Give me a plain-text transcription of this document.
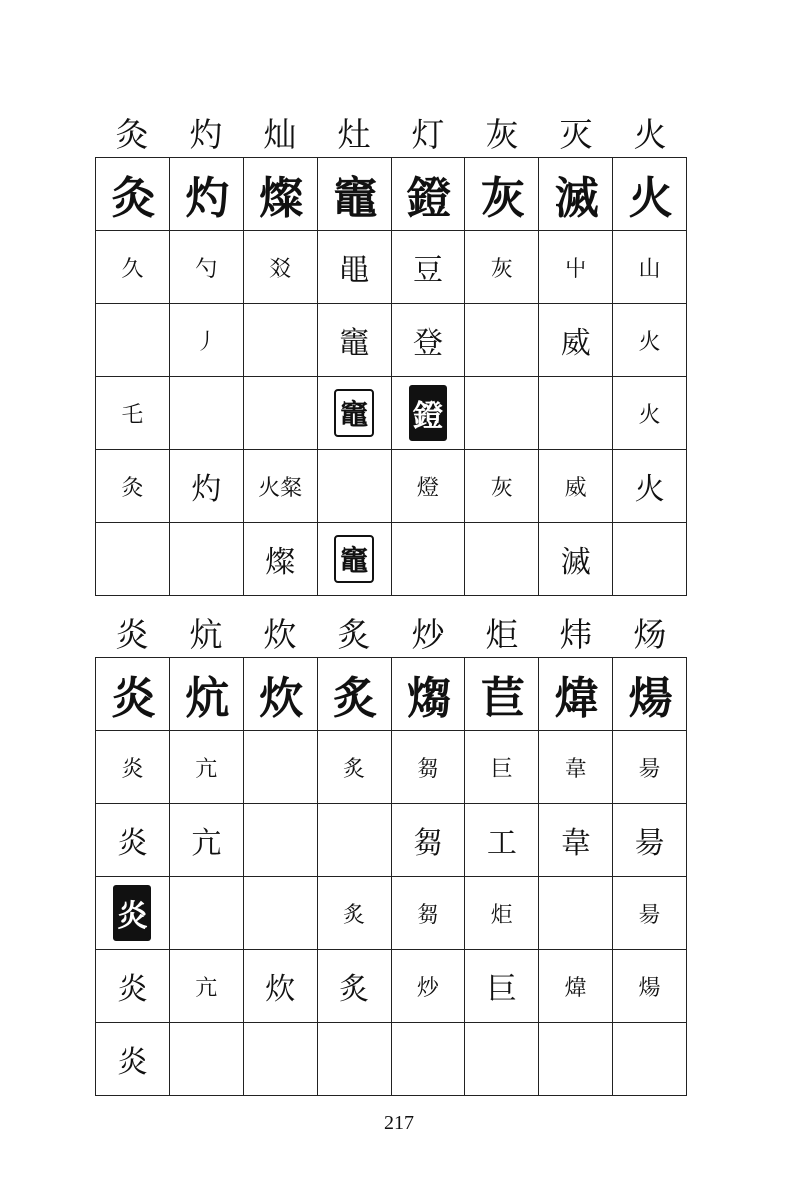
灸	灼	灿	灶	灯	灰	灭	火
灸	灼	燦	竈	鐙	灰	滅	火
久	勺	㸚	黽	豆	灰	屮	山
	丿		竈	登		威	火
乇			竈	鐙			火
灸	灼	火粲		燈	灰	威	火
		燦	竈			滅	
炎	炕	炊	炙	炒	炬	炜	炀
炎	炕	炊	炙	煼	苣	煒	煬
炎	亢		炙	芻	巨	韋	昜
炎	亢			芻	工	韋	昜
炎			炙	芻	炬		昜
炎	亢	炊	炙	炒	巨	煒	煬
炎							
217
